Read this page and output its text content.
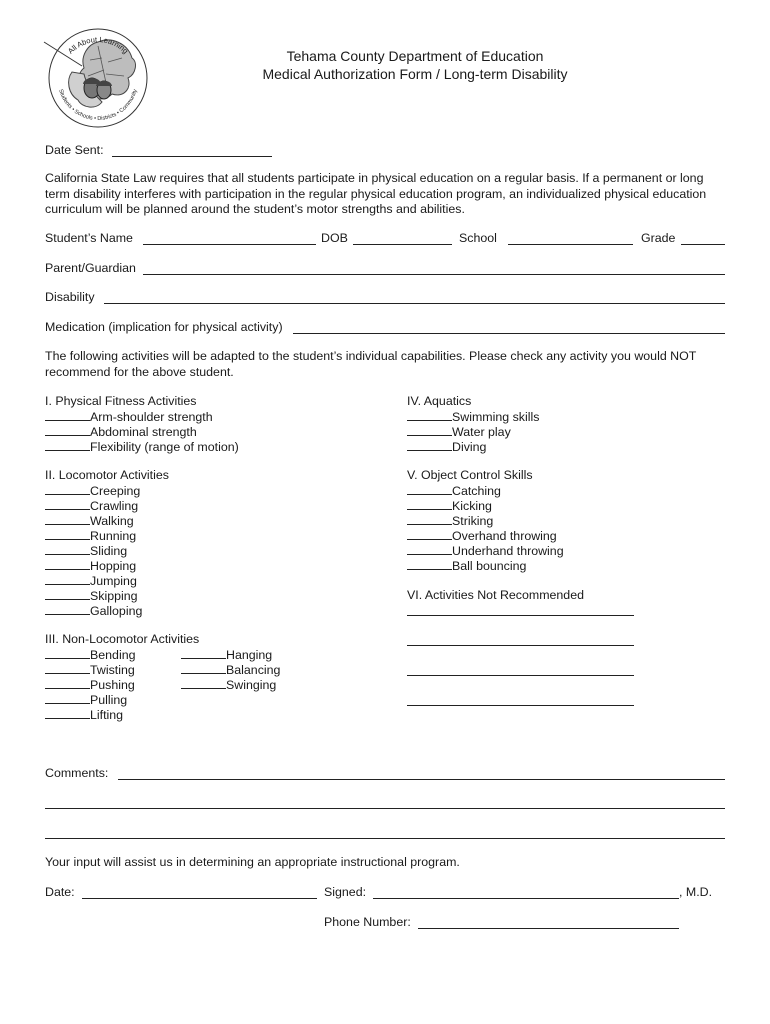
All About Learning
Students • Schools • Districts • Community
Tehama County Department of Education
Medical Authorization Form / Long-term Disability
Date Sent:
California State Law requires that all students participate in physical education on a regular basis. If a permanent or long term disability interferes with participation in the regular physical education program, an individualized physical education curriculum will be planned around the student’s motor strengths and abilities.
Student’s Name	DOB	School	Grade
Parent/Guardian
Disability
Medication (implication for physical activity)
The following activities will be adapted to the student’s individual capabilities. Please check any activity you would NOT recommend for the above student.
I. Physical Fitness Activities
Arm-shoulder strength
Abdominal strength
Flexibility (range of motion)
II. Locomotor Activities
Creeping
Crawling
Walking
Running
Sliding
Hopping
Jumping
Skipping
Galloping
III. Non-Locomotor Activities
Bending
Twisting
Pushing
Pulling
Lifting
Hanging
Balancing
Swinging
IV. Aquatics
Swimming skills
Water play
Diving
V. Object Control Skills
Catching
Kicking
Striking
Overhand throwing
Underhand throwing
Ball bouncing
VI. Activities Not Recommended
Comments:
Your input will assist us in determining an appropriate instructional program.
Date:	Signed:	, M.D.
Phone Number:
